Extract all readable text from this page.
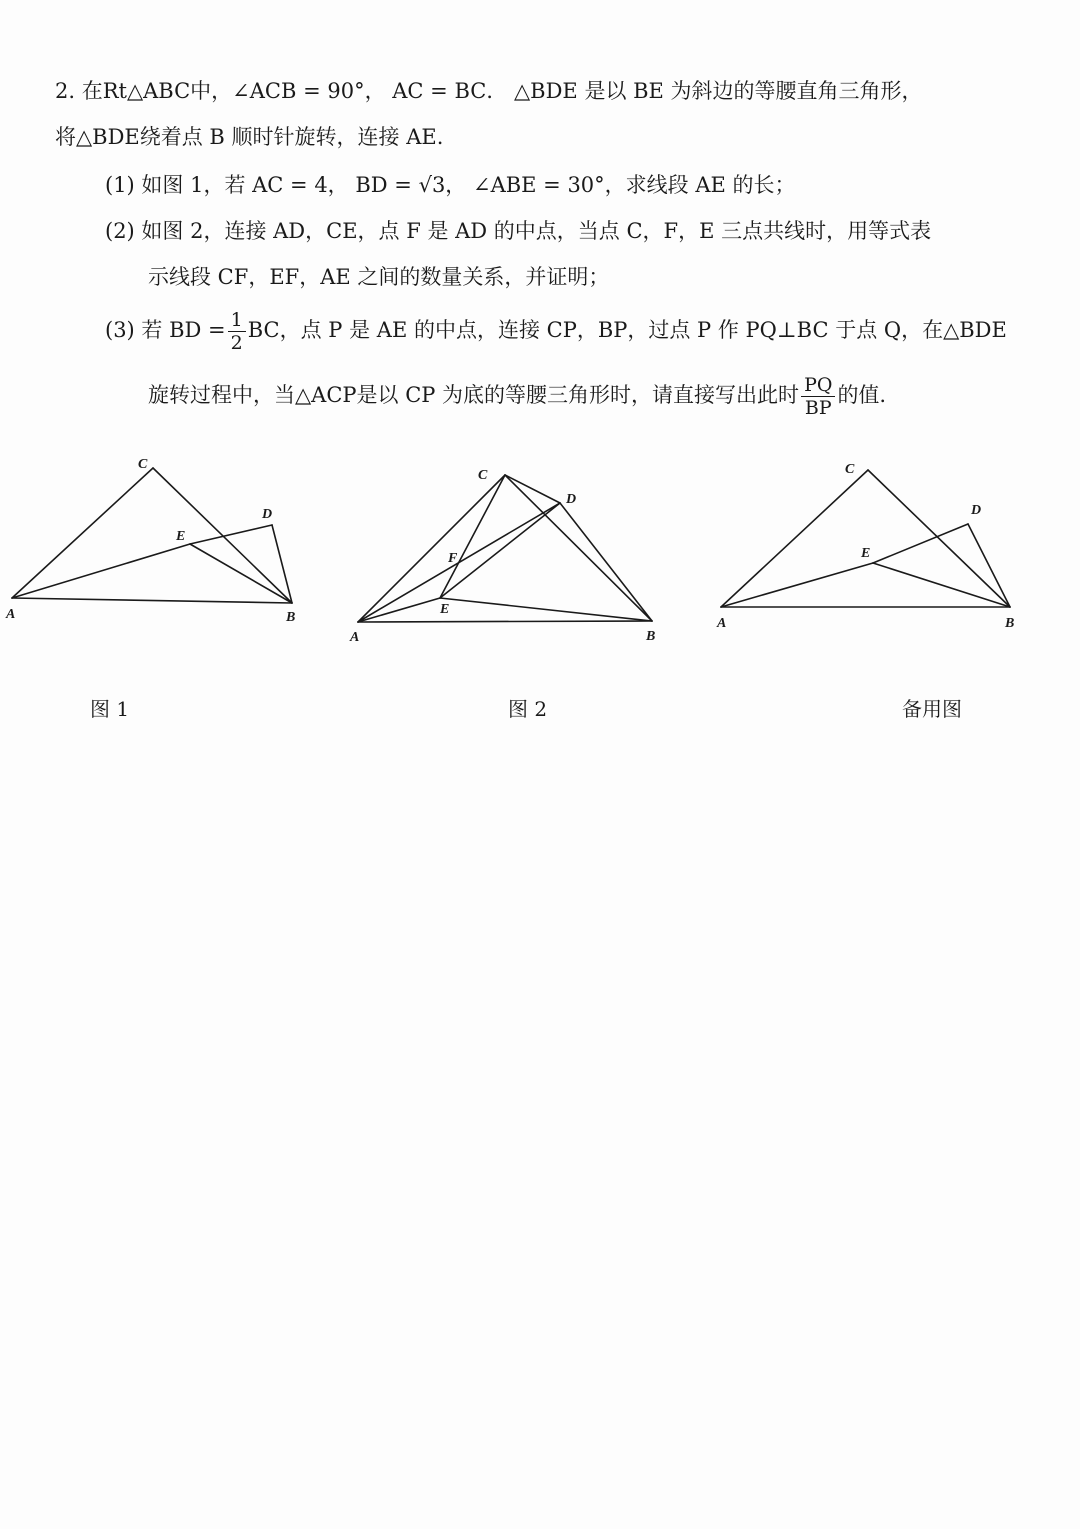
2. 在Rt△ABC中，∠ACB = 90°， AC = BC． △BDE 是以 BE 为斜边的等腰直角三角形，
将△BDE绕着点 B 顺时针旋转，连接 AE.
(1) 如图 1，若 AC = 4， BD = √3， ∠ABE = 30°，求线段 AE 的长；
(2) 如图 2，连接 AD，CE，点 F 是 AD 的中点，当点 C，F，E 三点共线时，用等式表
示线段 CF，EF，AE 之间的数量关系，并证明；
(3) 若 BD = $\frac{1}{2}$ BC，点 P 是 AE 的中点，连接 CP，BP，过点 P 作 PQ⊥BC 于点 Q，在△BDE
旋转过程中，当△ACP是以 CP 为底的等腰三角形时，请直接写出此时 $\frac{PQ}{BP}$ 的值.
C
D
E
A	B
C
D
F
E
A	B
C
D
E
A	B
图 1	图 2	备用图
